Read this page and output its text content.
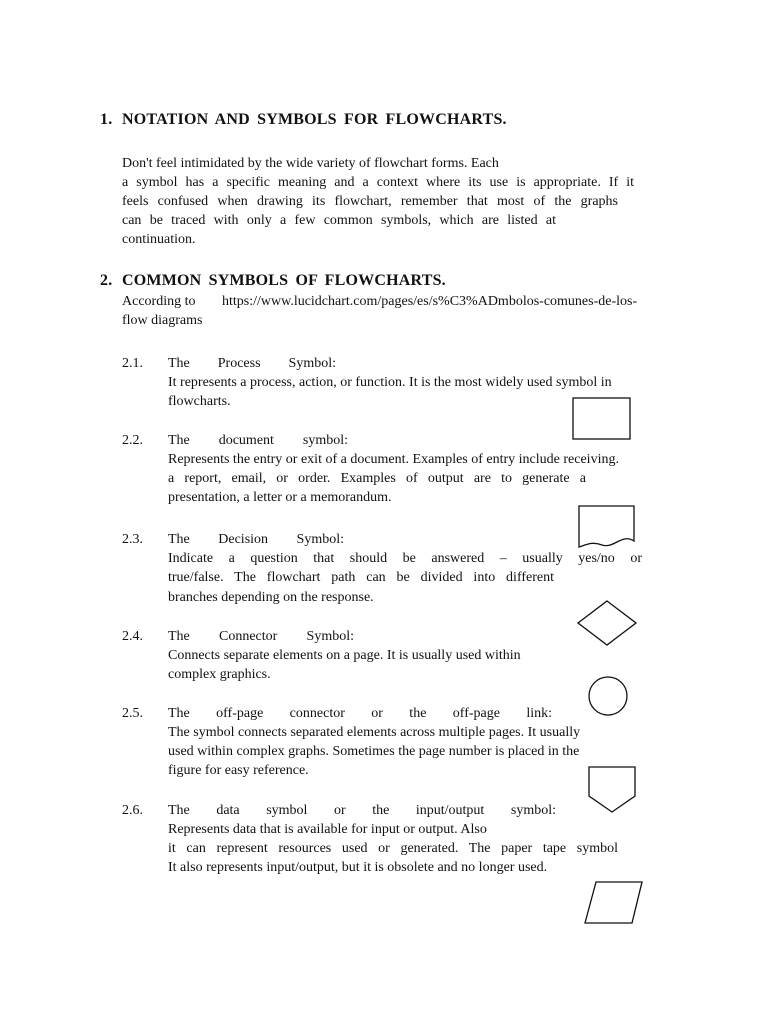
1. NOTATION AND SYMBOLS FOR FLOWCHARTS.
Don't feel intimidated by the wide variety of flowchart forms. Each
a symbol has a specific meaning and a context where its use is appropriate. If it
feels confused when drawing its flowchart, remember that most of the graphs
can be traced with only a few common symbols, which are listed at
continuation.
2. COMMON SYMBOLS OF FLOWCHARTS.
According to https://www.lucidchart.com/pages/es/s%C3%ADmbolos-comunes-de-los-
flow diagrams
2.1. The Process Symbol:
It represents a process, action, or function. It is the most widely used symbol in
flowcharts.
2.2. The document symbol:
Represents the entry or exit of a document. Examples of entry include receiving.
a report, email, or order. Examples of output are to generate a
presentation, a letter or a memorandum.
2.3. The Decision Symbol:
Indicate a question that should be answered – usually yes/no or
true/false. The flowchart path can be divided into different
branches depending on the response.
2.4. The Connector Symbol:
Connects separate elements on a page. It is usually used within
complex graphics.
2.5. The off-page connector or the off-page link:
The symbol connects separated elements across multiple pages. It usually
used within complex graphs. Sometimes the page number is placed in the
figure for easy reference.
2.6. The data symbol or the input/output symbol:
Represents data that is available for input or output. Also
it can represent resources used or generated. The paper tape symbol
It also represents input/output, but it is obsolete and no longer used.
